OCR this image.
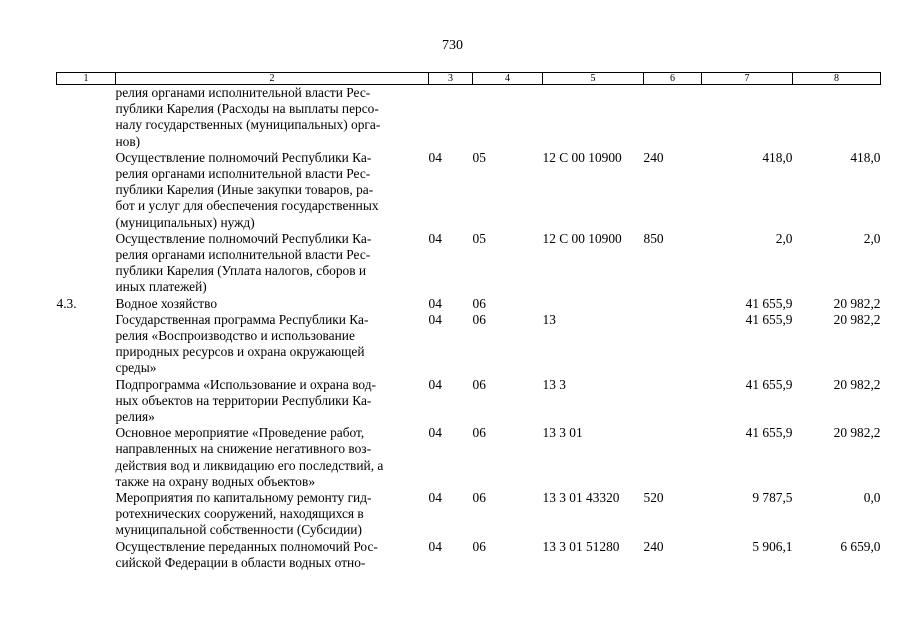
730
1	2	3	4	5	6	7	8
	релия органами исполнительной власти Рес-
публики Карелия (Расходы на выплаты персо-
налу государственных (муниципальных) орга-
нов)						
	Осуществление полномочий Республики Ка-
релия органами исполнительной власти Рес-
публики Карелия (Иные закупки товаров, ра-
бот и услуг для обеспечения государственных
(муниципальных) нужд)	04	05	12 С 00 10900	240	418,0	418,0
	Осуществление полномочий Республики Ка-
релия органами исполнительной власти Рес-
публики Карелия (Уплата налогов, сборов и
иных платежей)	04	05	12 С 00 10900	850	2,0	2,0
4.3.	Водное хозяйство	04	06			41 655,9	20 982,2
	Государственная программа Республики Ка-
релия «Воспроизводство и использование
природных ресурсов и охрана окружающей
среды»	04	06	13		41 655,9	20 982,2
	Подпрограмма «Использование и охрана вод-
ных объектов на территории Республики Ка-
релия»	04	06	13 3		41 655,9	20 982,2
	Основное мероприятие «Проведение работ,
направленных на снижение негативного воз-
действия вод и ликвидацию его последствий, а
также на охрану водных объектов»	04	06	13 3 01		41 655,9	20 982,2
	Мероприятия по капитальному ремонту гид-
ротехнических сооружений, находящихся в
муниципальной собственности (Субсидии)	04	06	13 3 01 43320	520	9 787,5	0,0
	Осуществление переданных полномочий Рос-
сийской Федерации в области водных отно-	04	06	13 3 01 51280	240	5 906,1	6 659,0
